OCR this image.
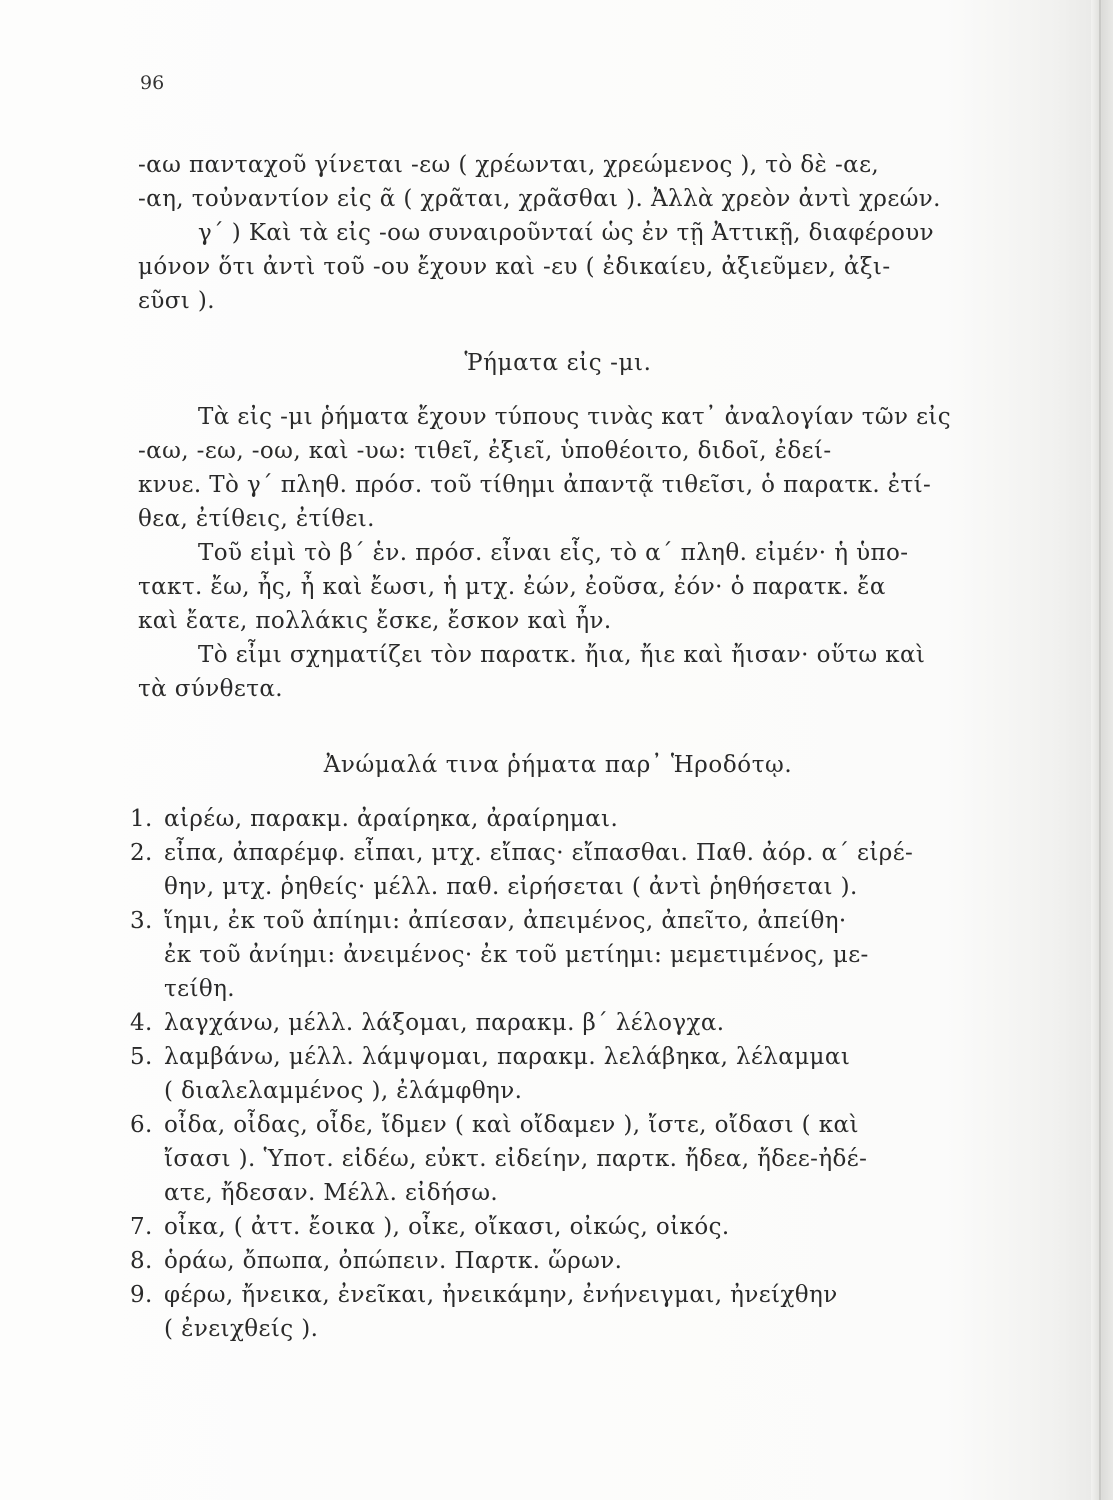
96

-αω πανταχοῦ γίνεται -εω ( χρέωνται, χρεώμενος ), τὸ δὲ -αε,

-αη, τοὐναντίον εἰς ᾶ ( χρᾶται, χρᾶσθαι ). Ἀλλὰ χρεὸν ἀντὶ χρεών.

γ΄ ) Καὶ τὰ εἰς -οω συναιροῦνταί ὡς ἐν τῇ Ἀττικῇ, διαφέρουν

μόνον ὅτι ἀντὶ τοῦ -ου ἔχουν καὶ -ευ ( ἐδικαίευ, ἀξιεῦμεν, ἀξι-

εῦσι ).

Ῥήματα εἰς -μι.

Τὰ εἰς -μι ῥήματα ἔχουν τύπους τινὰς κατ᾽ ἀναλογίαν τῶν εἰς

-αω, -εω, -οω, καὶ -υω: τιθεῖ, ἐξιεῖ, ὑποθέοιτο, διδοῖ, ἐδεί-

κνυε. Τὸ γ΄ πληθ. πρόσ. τοῦ τίθημι ἀπαντᾷ τιθεῖσι, ὁ παρατκ. ἐτί-

θεα, ἐτίθεις, ἐτίθει.

Τοῦ εἰμὶ τὸ β΄ ἑν. πρόσ. εἶναι εἷς, τὸ α΄ πληθ. εἰμέν· ἡ ὑπο-

τακτ. ἔω, ἦς, ἦ καὶ ἔωσι, ἡ μτχ. ἐών, ἐοῦσα, ἐόν· ὁ παρατκ. ἔα

καὶ ἔατε, πολλάκις ἔσκε, ἔσκον καὶ ἦν.

Τὸ εἶμι σχηματίζει τὸν παρατκ. ἤια, ἤιε καὶ ἤισαν· οὕτω καὶ

τὰ σύνθετα.

Ἀνώμαλά τινα ῥήματα παρ᾽ Ἡροδότῳ.
1. αἱρέω, παρακμ. ἀραίρηκα, ἀραίρημαι.
2. εἶπα, ἀπαρέμφ. εἶπαι, μτχ. εἴπας· εἴπασθαι. Παθ. ἀόρ. α΄ εἰρέ-
θην, μτχ. ῥηθείς· μέλλ. παθ. εἰρήσεται ( ἀντὶ ῥηθήσεται ).
3. ἵημι, ἐκ τοῦ ἀπίημι: ἀπίεσαν, ἀπειμένος, ἀπεῖτο, ἀπείθη·
ἐκ τοῦ ἀνίημι: ἀνειμένος· ἐκ τοῦ μετίημι: μεμετιμένος, με-
τείθη.
4. λαγχάνω, μέλλ. λάξομαι, παρακμ. β΄ λέλογχα.
5. λαμβάνω, μέλλ. λάμψομαι, παρακμ. λελάβηκα, λέλαμμαι
( διαλελαμμένος ), ἐλάμφθην.
6. οἶδα, οἶδας, οἶδε, ἴδμεν ( καὶ οἴδαμεν ), ἴστε, οἴδασι ( καὶ
ἴσασι ). Ὑποτ. εἰδέω, εὐκτ. εἰδείην, παρτκ. ἤδεα, ἤδεε-ἠδέ-
ατε, ἤδεσαν. Μέλλ. εἰδήσω.
7. οἶκα, ( ἀττ. ἔοικα ), οἶκε, οἴκασι, οἰκώς, οἰκός.
8. ὁράω, ὄπωπα, ὀπώπειν. Παρτκ. ὥρων.
9. φέρω, ἤνεικα, ἐνεῖκαι, ἠνεικάμην, ἐνήνειγμαι, ἠνείχθην
( ἐνειχθείς ).
